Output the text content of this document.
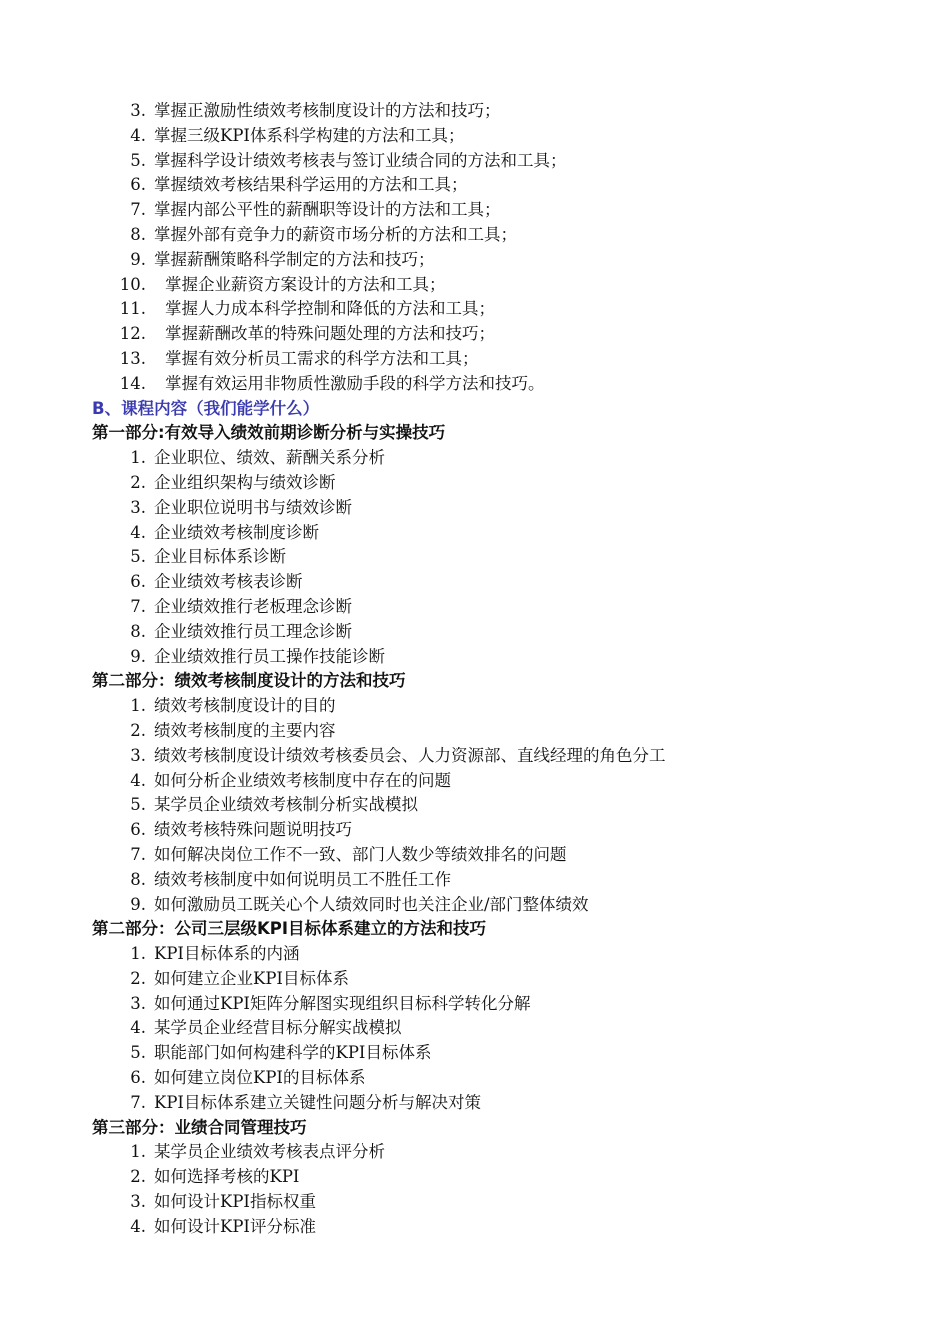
3. 掌握正激励性绩效考核制度设计的方法和技巧；
4. 掌握三级KPI体系科学构建的方法和工具；
5. 掌握科学设计绩效考核表与签订业绩合同的方法和工具；
6. 掌握绩效考核结果科学运用的方法和工具；
7. 掌握内部公平性的薪酬职等设计的方法和工具；
8. 掌握外部有竞争力的薪资市场分析的方法和工具；
9. 掌握薪酬策略科学制定的方法和技巧；
10.	掌握企业薪资方案设计的方法和工具；
11.	掌握人力成本科学控制和降低的方法和工具；
12.	掌握薪酬改革的特殊问题处理的方法和技巧；
13.	掌握有效分析员工需求的科学方法和工具；
14.	掌握有效运用非物质性激励手段的科学方法和技巧。
B、课程内容（我们能学什么）
第一部分:有效导入绩效前期诊断分析与实操技巧
1. 企业职位、绩效、薪酬关系分析
2. 企业组织架构与绩效诊断
3. 企业职位说明书与绩效诊断
4. 企业绩效考核制度诊断
5. 企业目标体系诊断
6. 企业绩效考核表诊断
7. 企业绩效推行老板理念诊断
8. 企业绩效推行员工理念诊断
9. 企业绩效推行员工操作技能诊断
第二部分：绩效考核制度设计的方法和技巧
1. 绩效考核制度设计的目的
2. 绩效考核制度的主要内容
3. 绩效考核制度设计绩效考核委员会、人力资源部、直线经理的角色分工
4. 如何分析企业绩效考核制度中存在的问题
5. 某学员企业绩效考核制分析实战模拟
6. 绩效考核特殊问题说明技巧
7. 如何解决岗位工作不一致、部门人数少等绩效排名的问题
8. 绩效考核制度中如何说明员工不胜任工作
9. 如何激励员工既关心个人绩效同时也关注企业/部门整体绩效
第二部分：公司三层级KPI目标体系建立的方法和技巧
1. KPI目标体系的内涵
2. 如何建立企业KPI目标体系
3. 如何通过KPI矩阵分解图实现组织目标科学转化分解
4. 某学员企业经营目标分解实战模拟
5. 职能部门如何构建科学的KPI目标体系
6. 如何建立岗位KPI的目标体系
7. KPI目标体系建立关键性问题分析与解决对策
第三部分：业绩合同管理技巧
1. 某学员企业绩效考核表点评分析
2. 如何选择考核的KPI
3. 如何设计KPI指标权重
4. 如何设计KPI评分标准
